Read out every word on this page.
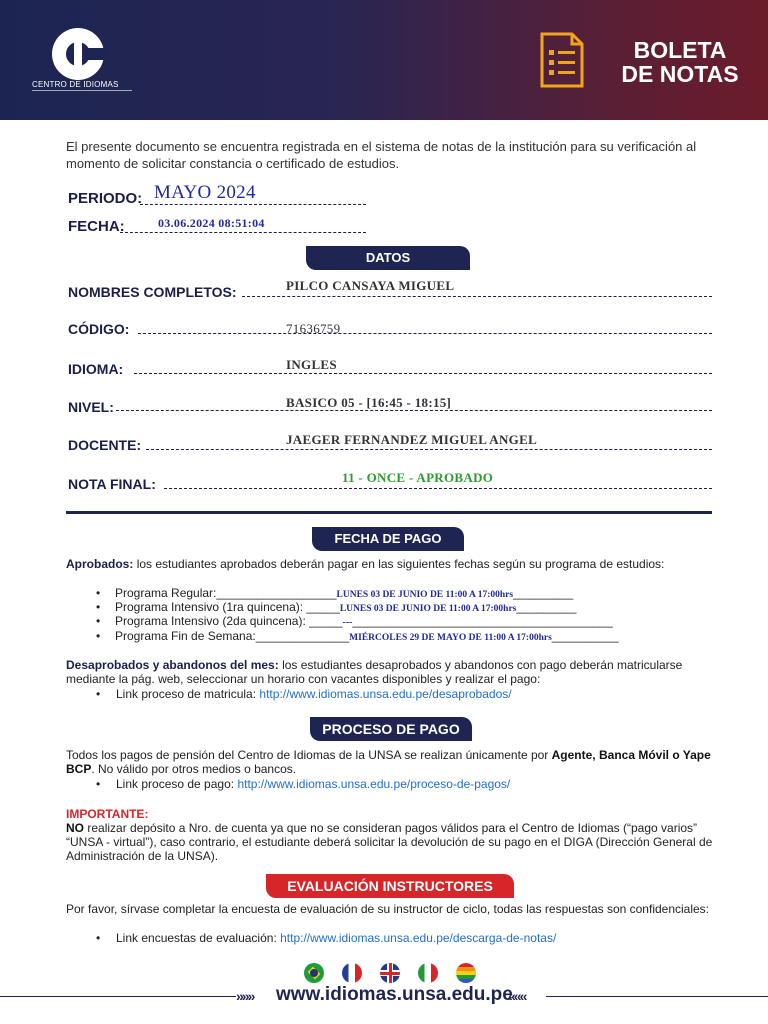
CENTRO DE IDIOMAS
BOLETA
DE NOTAS
El presente documento se encuentra registrada en el sistema de notas de la institución para su verificación al momento de solicitar constancia o certificado de estudios.
PERIODO: MAYO 2024
FECHA:	03.06.2024 08:51:04
DATOS
NOMBRES COMPLETOS:	PILCO CANSAYA MIGUEL
CÓDIGO:	71636759
IDIOMA:	INGLES
NIVEL:	BASICO 05 - [16:45 - 18:15]
DOCENTE:	JAEGER FERNANDEZ MIGUEL ANGEL
NOTA FINAL:	11 - ONCE - APROBADO
FECHA DE PAGO
Aprobados: los estudiantes aprobados deberán pagar en las siguientes fechas según su programa de estudios:
• Programa Regular:__________________LUNES 03 DE JUNIO DE 11:00 A 17:00hrs_________
• Programa Intensivo (1ra quincena): _____LUNES 03 DE JUNIO DE 11:00 A 17:00hrs_________
• Programa Intensivo (2da quincena): _____---_______________________________________
• Programa Fin de Semana:______________MIÉRCOLES 29 DE MAYO DE 11:00 A 17:00hrs__________
Desaprobados y abandonos del mes: los estudiantes desaprobados y abandonos con pago deberán matricularse mediante la pág. web, seleccionar un horario con vacantes disponibles y realizar el pago:
• Link proceso de matricula: http://www.idiomas.unsa.edu.pe/desaprobados/
PROCESO DE PAGO
Todos los pagos de pensión del Centro de Idiomas de la UNSA se realizan únicamente por Agente, Banca Móvil o Yape BCP. No válido por otros medios o bancos.
• Link proceso de pago: http://www.idiomas.unsa.edu.pe/proceso-de-pagos/
IMPORTANTE:
NO realizar depósito a Nro. de cuenta ya que no se consideran pagos válidos para el Centro de Idiomas (“pago varios” “UNSA - virtual”), caso contrario, el estudiante deberá solicitar la devolución de su pago en el DIGA (Dirección General de Administración de la UNSA).
EVALUACIÓN INSTRUCTORES
Por favor, sírvase completar la encuesta de evaluación de su instructor de ciclo, todas las respuestas son confidenciales:
• Link encuestas de evaluación: http://www.idiomas.unsa.edu.pe/descarga-de-notas/
»»» www.idiomas.unsa.edu.pe
«««
